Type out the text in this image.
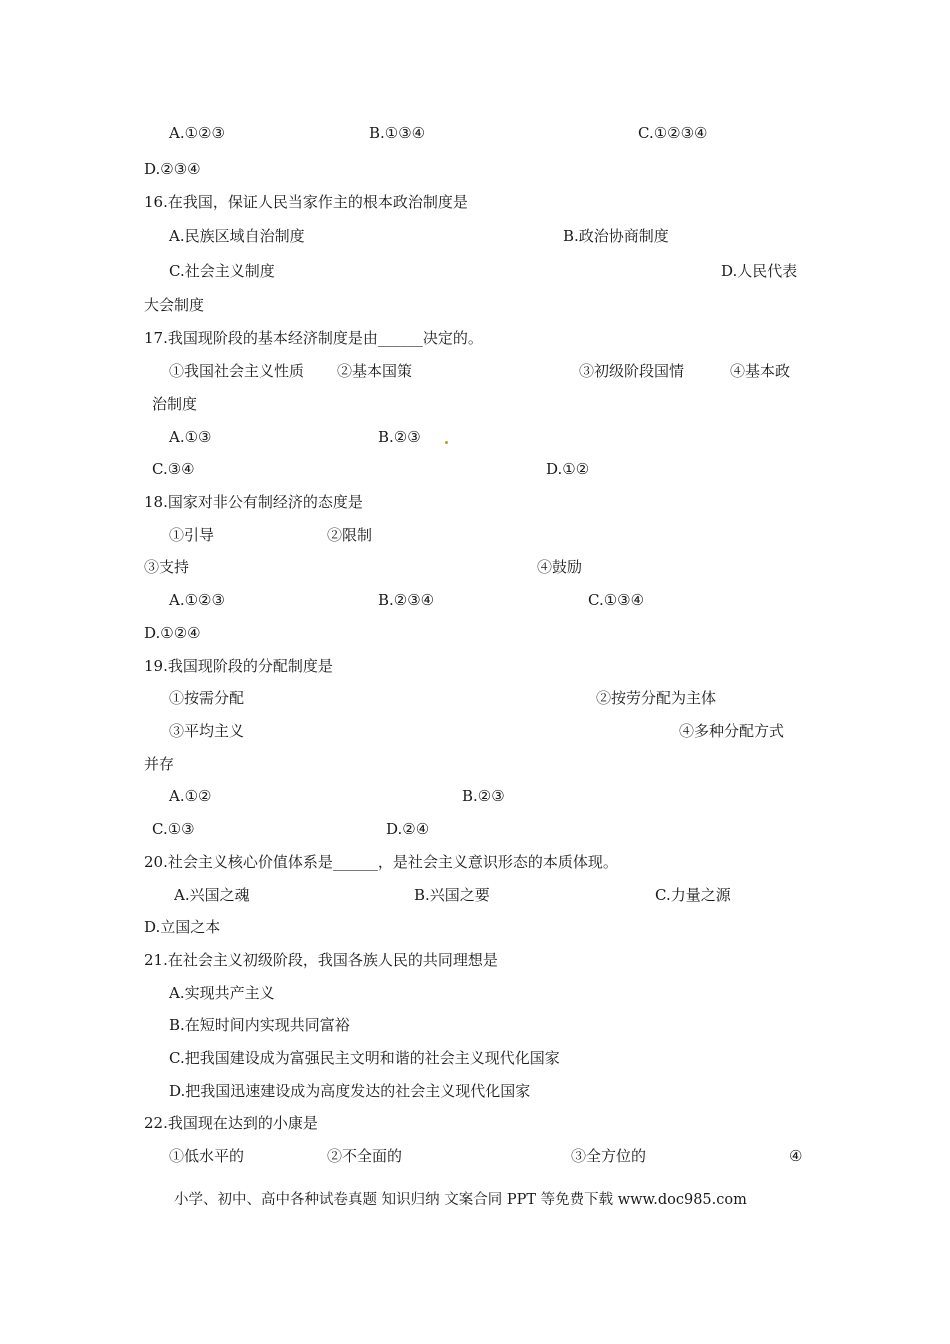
A.①②③	B.①③④	C.①②③④
D.②③④
16.在我国，保证人民当家作主的根本政治制度是
A.民族区域自治制度	B.政治协商制度
C.社会主义制度	D.人民代表
大会制度
17.我国现阶段的基本经济制度是由______决定的。
①我国社会主义性质 ②基本国策	③初级阶段国情	④基本政
治制度
A.①③	B.②③
C.③④	D.①②
18.国家对非公有制经济的态度是
①引导	②限制
③支持	④鼓励
A.①②③	B.②③④	C.①③④
D.①②④
19.我国现阶段的分配制度是
①按需分配	②按劳分配为主体
③平均主义	④多种分配方式
并存
A.①②	B.②③
C.①③	D.②④
20.社会主义核心价值体系是______，是社会主义意识形态的本质体现。
A.兴国之魂	B.兴国之要	C.力量之源
D.立国之本
21.在社会主义初级阶段，我国各族人民的共同理想是
A.实现共产主义
B.在短时间内实现共同富裕
C.把我国建设成为富强民主文明和谐的社会主义现代化国家
D.把我国迅速建设成为高度发达的社会主义现代化国家
22.我国现在达到的小康是
①低水平的	②不全面的	③全方位的	④
小学、初中、高中各种试卷真题 知识归纳 文案合同 PPT 等免费下载 www.doc985.com
